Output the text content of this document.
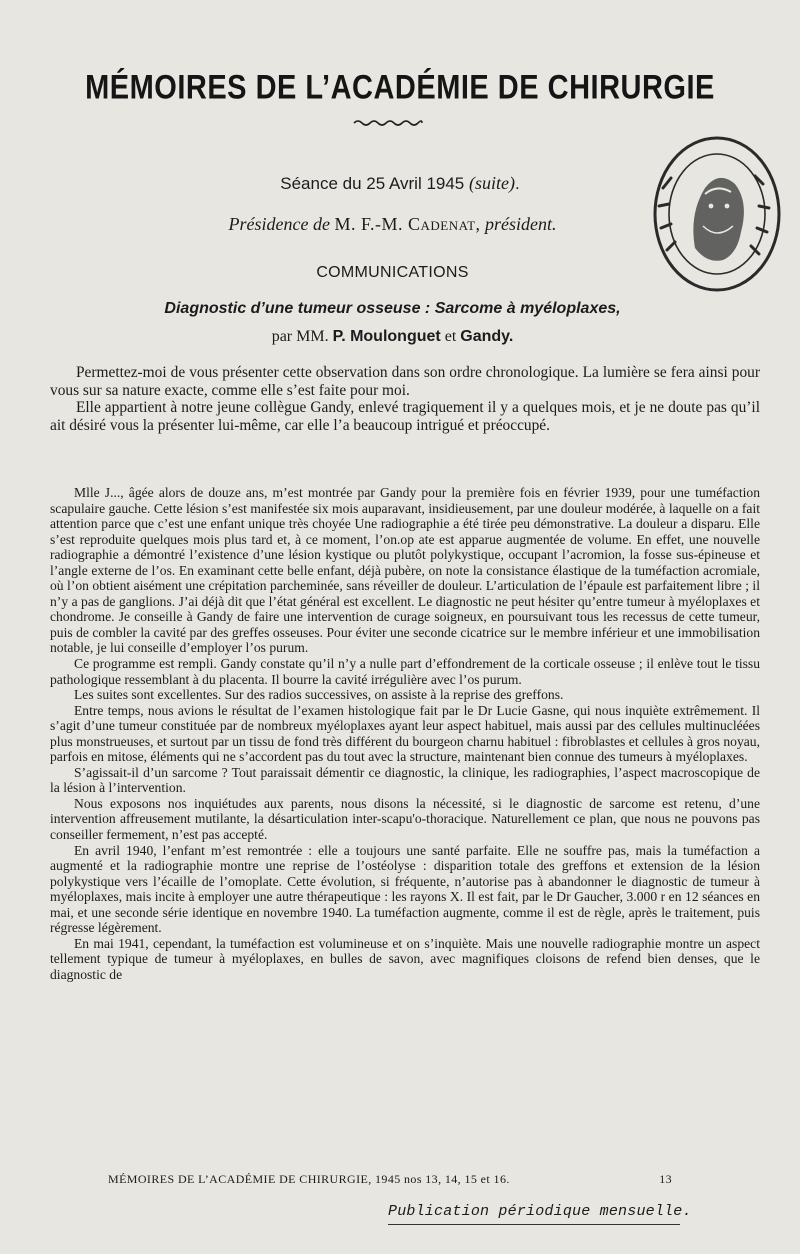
MÉMOIRES DE L’ACADÉMIE DE CHIRURGIE
Séance du 25 Avril 1945 (suite).
Présidence de M. F.-M. Cadenat, président.
COMMUNICATIONS
Diagnostic d’une tumeur osseuse : Sarcome à myéloplaxes,
par MM. P. Moulonguet et Gandy.

Permettez-moi de vous présenter cette observation dans son ordre chronologique. La lumière se fera ainsi pour vous sur sa nature exacte, comme elle s’est faite pour moi.

Elle appartient à notre jeune collègue Gandy, enlevé tragiquement il y a quelques mois, et je ne doute pas qu’il ait désiré vous la présenter lui-même, car elle l’a beaucoup intrigué et préoccupé.

Mlle J..., âgée alors de douze ans, m’est montrée par Gandy pour la première fois en février 1939, pour une tuméfaction scapulaire gauche. Cette lésion s’est manifestée six mois auparavant, insidieusement, par une douleur modérée, à laquelle on a fait attention parce que c’est une enfant unique très choyée Une radiographie a été tirée peu démonstrative. La douleur a disparu. Elle s’est reproduite quelques mois plus tard et, à ce moment, l’on.op ate est apparue augmentée de volume. En effet, une nouvelle radiographie a démontré l’existence d’une lésion kystique ou plutôt polykystique, occupant l’acromion, la fosse sus-épineuse et l’angle externe de l’os. En examinant cette belle enfant, déjà pubère, on note la consistance élastique de la tuméfaction acromiale, où l’on obtient aisément une crépitation parcheminée, sans réveiller de douleur. L’articulation de l’épaule est parfaitement libre ; il n’y a pas de ganglions. J’ai déjà dit que l’état général est excellent. Le diagnostic ne peut hésiter qu’entre tumeur à myéloplaxes et chondrome. Je conseille à Gandy de faire une intervention de curage soigneux, en poursuivant tous les recessus de cette tumeur, puis de combler la cavité par des greffes osseuses. Pour éviter une seconde cicatrice sur le membre inférieur et une immobilisation notable, je lui conseille d’employer l’os purum.

Ce programme est rempli. Gandy constate qu’il n’y a nulle part d’effondrement de la corticale osseuse ; il enlève tout le tissu pathologique ressemblant à du placenta. Il bourre la cavité irrégulière avec l’os purum.

Les suites sont excellentes. Sur des radios successives, on assiste à la reprise des greffons.

Entre temps, nous avions le résultat de l’examen histologique fait par le Dr Lucie Gasne, qui nous inquiète extrêmement. Il s’agit d’une tumeur constituée par de nombreux myéloplaxes ayant leur aspect habituel, mais aussi par des cellules multinucléées plus monstrueuses, et surtout par un tissu de fond très différent du bourgeon charnu habituel : fibroblastes et cellules à gros noyau, parfois en mitose, éléments qui ne s’accordent pas du tout avec la structure, maintenant bien connue des tumeurs à myéloplaxes.

S’agissait-il d’un sarcome ? Tout paraissait démentir ce diagnostic, la clinique, les radiographies, l’aspect macroscopique de la lésion à l’intervention.

Nous exposons nos inquiétudes aux parents, nous disons la nécessité, si le diagnostic de sarcome est retenu, d’une intervention affreusement mutilante, la désarticulation inter-scapu'o-thoracique. Naturellement ce plan, que nous ne pouvons pas conseiller fermement, n’est pas accepté.

En avril 1940, l’enfant m’est remontrée : elle a toujours une santé parfaite. Elle ne souffre pas, mais la tuméfaction a augmenté et la radiographie montre une reprise de l’ostéolyse : disparition totale des greffons et extension de la lésion polykystique vers l’écaille de l’omoplate. Cette évolution, si fréquente, n’autorise pas à abandonner le diagnostic de tumeur à myéloplaxes, mais incite à employer une autre thérapeutique : les rayons X. Il est fait, par le Dr Gaucher, 3.000 r en 12 séances en mai, et une seconde série identique en novembre 1940. La tuméfaction augmente, comme il est de règle, après le traitement, puis régresse légèrement.

En mai 1941, cependant, la tuméfaction est volumineuse et on s’inquiète. Mais une nouvelle radiographie montre un aspect tellement typique de tumeur à myéloplaxes, en bulles de savon, avec magnifiques cloisons de refend bien denses, que le diagnostic de

MÉMOIRES DE L’ACADÉMIE DE CHIRURGIE, 1945 nos 13, 14, 15 et 16.	13
Publication périodique mensuelle.
